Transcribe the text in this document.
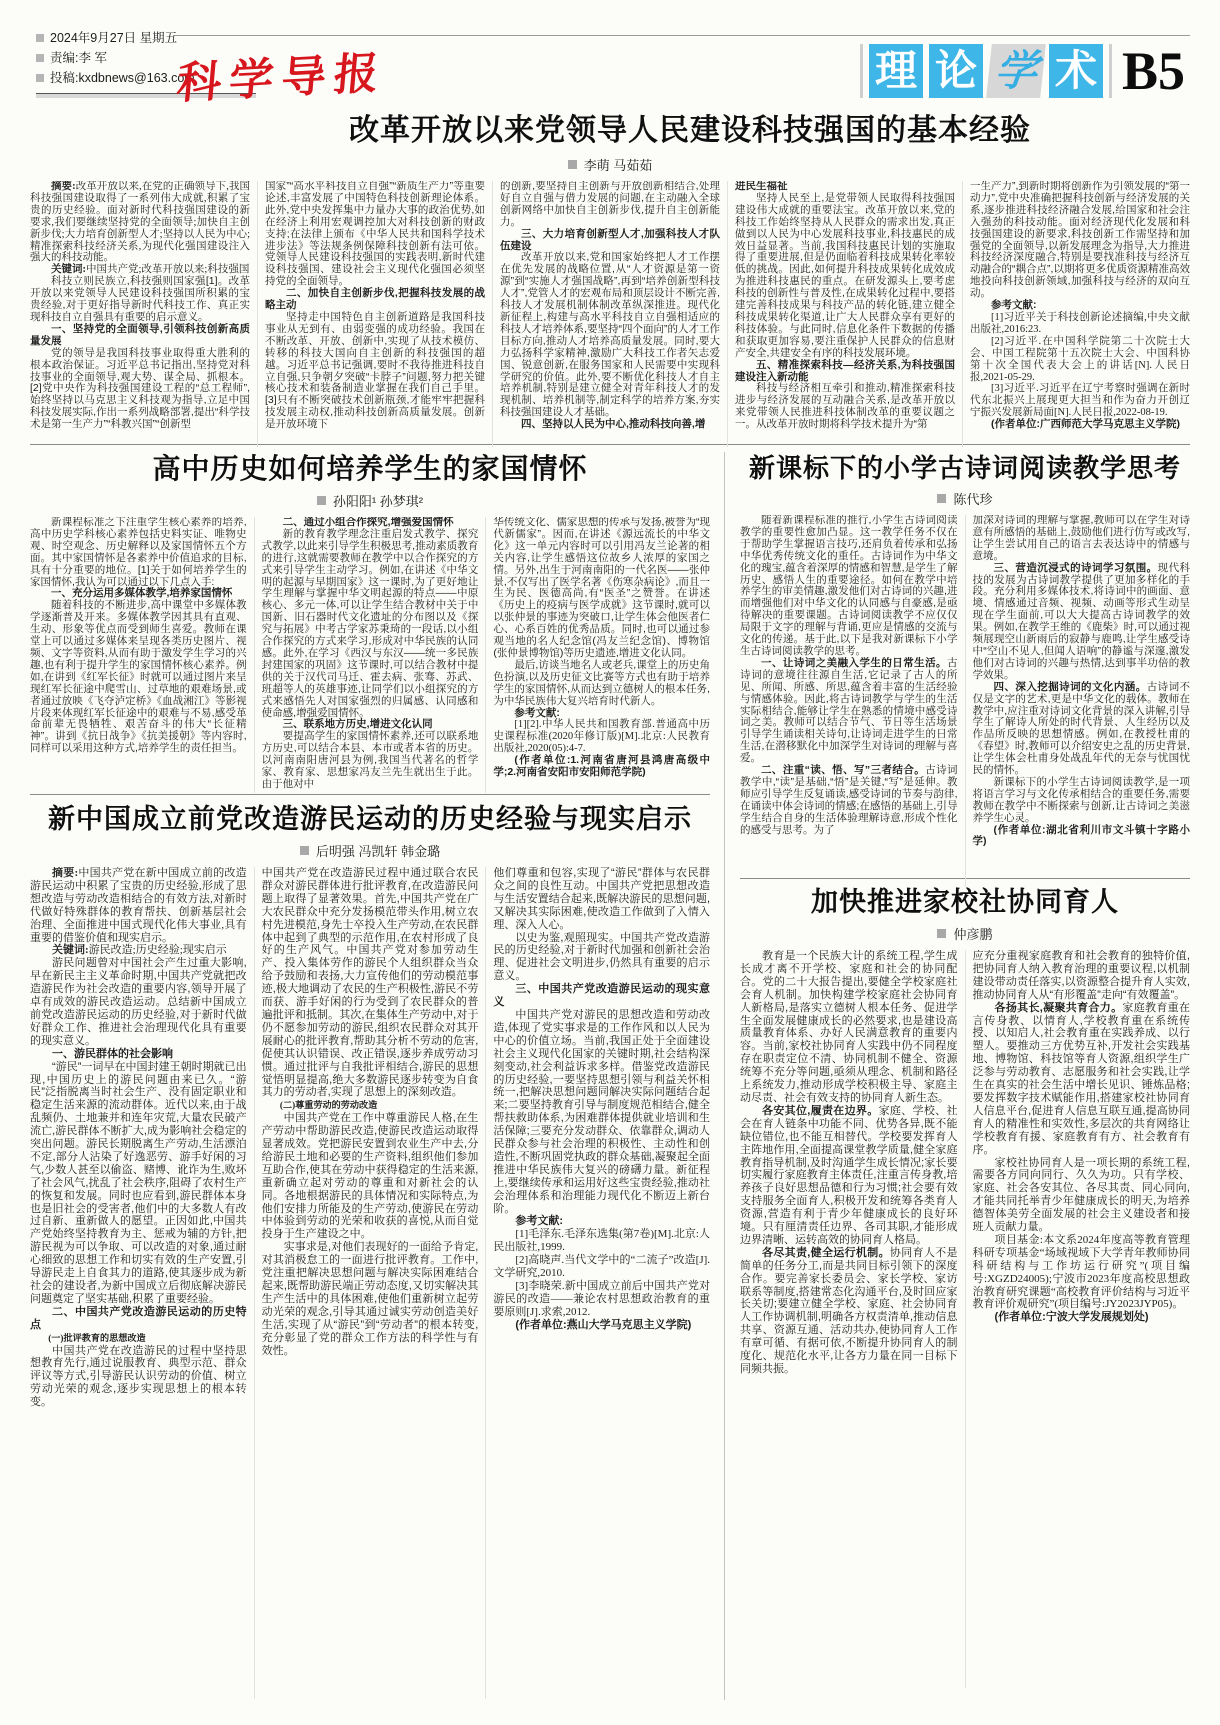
2024年9月27日 星期五
责编:李 军
投稿:kxdbnews@163.com
科学导报	理 论 学 术 B5
改革开放以来党领导人民建设科技强国的基本经验
李萌 马茹茹

摘要:改革开放以来,在党的正确领导下,我国科技强国建设取得了一系列伟大成就,积累了宝贵的历史经验。面对新时代科技强国建设的新要求,我们要继续坚持党的全面领导;加快自主创新步伐;大力培育创新型人才;坚持以人民为中心;精准探索科技经济关系,为现代化强国建设注入强大的科技动能。

关键词:中国共产党;改革开放以来;科技强国

科技立则民族立,科技强则国家强[1]。改革开放以来党领导人民建设科技强国所积累的宝贵经验,对于更好指导新时代科技工作、真正实现科技自立自强具有重要的启示意义。

一、坚持党的全面领导,引领科技创新高质量发展

党的领导是我国科技事业取得重大胜利的根本政治保证。习近平总书记指出,坚持党对科技事业的全面领导,观大势、谋全局、抓根本。[2]党中央作为科技强国建设工程的“总工程师”,始终坚持以马克思主义科技观为指导,立足中国科技发展实际,作出一系列战略部署,提出“科学技术是第一生产力”“科教兴国”“创新型

国家”“高水平科技自立自强”“新质生产力”等重要论述,丰富发展了中国特色科技创新理论体系。此外,党中央发挥集中力量办大事的政治优势,如在经济上利用宏观调控加大对科技创新的财政支持;在法律上颁布《中华人民共和国科学技术进步法》等法规条例保障科技创新有法可依。党领导人民建设科技强国的实践表明,新时代建设科技强国、建设社会主义现代化强国必须坚持党的全面领导。

二、加快自主创新步伐,把握科技发展的战略主动

坚持走中国特色自主创新道路是我国科技事业从无到有、由弱变强的成功经验。我国在不断改革、开放、创新中,实现了从技术模仿、转移的科技大国向自主创新的科技强国的超越。习近平总书记强调,要时不我待推进科技自立自强,只争朝夕突破“卡脖子”问题,努力把关键核心技术和装备制造业掌握在我们自己手里。[3]只有不断突破技术创新瓶颈,才能牢牢把握科技发展主动权,推动科技创新高质量发展。创新是开放环境下

的创新,要坚持自主创新与开放创新相结合,处理好自立自强与借力发展的问题,在主动融入全球创新网络中加快自主创新步伐,提升自主创新能力。

三、大力培育创新型人才,加强科技人才队伍建设

改革开放以来,党和国家始终把人才工作摆在优先发展的战略位置,从“人才资源是第一资源”到“实施人才强国战略”,再到“培养创新型科技人才”,党管人才的宏观布局和顶层设计不断完善,科技人才发展机制体制改革纵深推进。现代化新征程上,构建与高水平科技自立自强相适应的科技人才培养体系,要坚持“四个面向”的人才工作目标方向,推动人才培养高质量发展。同时,要大力弘扬科学家精神,激励广大科技工作者矢志爱国、锐意创新,在服务国家和人民需要中实现科学研究的价值。此外,要不断优化科技人才自主培养机制,特别是建立健全对青年科技人才的发现机制、培养机制等,制定科学的培养方案,夯实科技强国建设人才基础。

四、坚持以人民为中心,推动科技向善,增
进民生福祉

坚持人民至上,是党带领人民取得科技强国建设伟大成就的重要法宝。改革开放以来,党的科技工作始终坚持从人民群众的需求出发,真正做到以人民为中心发展科技事业,科技惠民的成效日益显著。当前,我国科技惠民计划的实施取得了重要进展,但是仍面临着科技成果转化率较低的挑战。因此,如何提升科技成果转化成效成为推进科技惠民的重点。在研发源头上,要考虑科技的创新性与普及性,在成果转化过程中,要搭建完善科技成果与科技产品的转化链,建立健全科技成果转化渠道,让广大人民群众享有更好的科技体验。与此同时,信息化条件下数据的传播和获取更加容易,要注重保护人民群众的信息财产安全,共建安全有序的科技发展环境。

五、精准探索科技—经济关系,为科技强国建设注入新动能

科技与经济相互牵引和推动,精准探索科技进步与经济发展的互动融合关系,是改革开放以来党带领人民推进科技体制改革的重要议题之一。从改革开放时期将科学技术提升为“第

一生产力”,到新时期将创新作为引领发展的“第一动力”,党中央准确把握科技创新与经济发展的关系,逐步推进科技经济融合发展,给国家和社会注入强劲的科技动能。面对经济现代化发展和科技强国建设的新要求,科技创新工作需坚持和加强党的全面领导,以新发展理念为指导,大力推进科技经济深度融合,特别是要找准科技与经济互动融合的“耦合点”,以期将更多优质资源精准高效地投向科技创新领域,加强科技与经济的双向互动。

参考文献:

[1]习近平关于科技创新论述摘编,中央文献出版社,2016:23.

[2]习近平.在中国科学院第二十次院士大会、中国工程院第十五次院士大会、中国科协第十次全国代表大会上的讲话[N].人民日报,2021-05-29.

[3]习近平.习近平在辽宁考察时强调在新时代东北振兴上展现更大担当和作为奋力开创辽宁振兴发展新局面[N].人民日报,2022-08-19.

(作者单位:广西师范大学马克思主义学院)

高中历史如何培养学生的家国情怀
孙阳阳¹ 孙梦琪²

新课程标准之下注重学生核心素养的培养,高中历史学科核心素养包括史料实证、唯物史观、时空观念、历史解释以及家国情怀五个方面。其中家国情怀是各素养中价值追求的目标,具有十分重要的地位。[1]关于如何培养学生的家国情怀,我认为可以通过以下几点入手:

一、充分运用多媒体教学,培养家国情怀

随着科技的不断进步,高中课堂中多媒体教学逐渐普及开来。多媒体教学因其具有直观、生动、形象等优点而受到师生喜爱。教师在课堂上可以通过多媒体来呈现各类历史图片、视频、文字等资料,从而有助于激发学生学习的兴趣,也有利于提升学生的家国情怀核心素养。例如,在讲到《红军长征》时就可以通过图片来呈现红军长征途中爬雪山、过草地的艰难场景,或者通过放映《飞夺泸定桥》《血战湘江》等影视片段来体现红军长征途中的艰难与不易,感受革命前辈无畏牺牲、艰苦奋斗的伟大“长征精神”。讲到《抗日战争》《抗美援朝》等内容时,同样可以采用这种方式,培养学生的责任担当。

二、通过小组合作探究,增强爱国情怀

新的教育教学理念注重启发式教学、探究式教学,以此来引导学生积极思考,推动素质教育的进行,这就需要教师在教学中以合作探究的方式来引导学生主动学习。例如,在讲述《中华文明的起源与早期国家》这一课时,为了更好地让学生理解与掌握中华文明起源的特点——中原核心、多元一体,可以让学生结合教材中关于中国新、旧石器时代文化遗址的分布图以及《探究与拓展》中考古学家苏秉琦的一段话,以小组合作探究的方式来学习,形成对中华民族的认同感。此外,在学习《西汉与东汉——统一多民族封建国家的巩固》这节课时,可以结合教材中提供的关于汉代司马迁、霍去病、张骞、苏武、班超等人的英雄事迹,让同学们以小组探究的方式来感悟先人对国家强烈的归属感、认同感和使命感,增强爱国情怀。

三、联系地方历史,增进文化认同

要提高学生的家国情怀素养,还可以联系地方历史,可以结合本县、本市或者本省的历史。以河南南阳唐河县为例,我国当代著名的哲学家、教育家、思想家冯友兰先生就出生于此。由于他对中

华传统文化、儒家思想的传承与发扬,被誉为“现代新儒家”。因而,在讲述《源远流长的中华文化》这一单元内容时可以引用冯友兰论著的相关内容,让学生感悟这位故乡人浓厚的家国之情。另外,出生于河南南阳的一代名医——张仲景,不仅写出了医学名著《伤寒杂病论》,而且一生为民、医德高尚,有“医圣”之赞誉。在讲述《历史上的疫病与医学成就》这节课时,就可以以张仲景的事迹为突破口,让学生体会他医者仁心、心系百姓的优秀品质。同时,也可以通过参观当地的名人纪念馆(冯友兰纪念馆)、博物馆(张仲景博物馆)等历史遗迹,增进文化认同。

最后,访谈当地名人或老兵,课堂上的历史角色扮演,以及历史征文比赛等方式也有助于培养学生的家国情怀,从而达到立德树人的根本任务,为中华民族伟大复兴培育时代新人。

参考文献:

[1][2].中华人民共和国教育部.普通高中历史课程标准(2020年修订版)[M].北京:人民教育出版社,2020(05):4-7.

(作者单位:1.河南省唐河县鸿唐高级中学;2.河南省安阳市安阳师范学院)

新中国成立前党改造游民运动的历史经验与现实启示
后明强 冯凯轩 韩金璐

摘要:中国共产党在新中国成立前的改造游民运动中积累了宝贵的历史经验,形成了思想改造与劳动改造相结合的有效方法,对新时代做好特殊群体的教育帮扶、创新基层社会治理、全面推进中国式现代化伟大事业,具有重要的借鉴价值和现实启示。

关键词:游民改造;历史经验;现实启示

游民问题曾对中国社会产生过重大影响,早在新民主主义革命时期,中国共产党就把改造游民作为社会改造的重要内容,领导开展了卓有成效的游民改造运动。总结新中国成立前党改造游民运动的历史经验,对于新时代做好群众工作、推进社会治理现代化具有重要的现实意义。

一、游民群体的社会影响

“游民”一词早在中国封建王朝时期就已出现,中国历史上的游民问题由来已久。“游民”泛指脱离当时社会生产、没有固定职业和稳定生活来源的流动群体。近代以来,由于战乱频仍、土地兼并和连年灾荒,大量农民破产流亡,游民群体不断扩大,成为影响社会稳定的突出问题。游民长期脱离生产劳动,生活漂泊不定,部分人沾染了好逸恶劳、游手好闲的习气,少数人甚至以偷盗、赌博、讹诈为生,败坏了社会风气,扰乱了社会秩序,阻碍了农村生产的恢复和发展。同时也应看到,游民群体本身也是旧社会的受害者,他们中的大多数人有改过自新、重新做人的愿望。正因如此,中国共产党始终坚持教育为主、惩戒为辅的方针,把游民视为可以争取、可以改造的对象,通过耐心细致的思想工作和切实有效的生产安置,引导游民走上自食其力的道路,使其逐步成为新社会的建设者,为新中国成立后彻底解决游民问题奠定了坚实基础,积累了重要经验。

二、中国共产党改造游民运动的历史特点
(一)批评教育的思想改造

中国共产党在改造游民的过程中坚持思想教育先行,通过说服教育、典型示范、群众评议等方式,引导游民认识劳动的价值、树立劳动光荣的观念,逐步实现思想上的根本转变。

中国共产党在改造游民过程中通过联合农民群众对游民群体进行批评教育,在改造游民问题上取得了显著效果。首先,中国共产党在广大农民群众中充分发扬模范带头作用,树立农村先进模范,身先士卒投入生产劳动,在农民群体中起到了典型的示范作用,在农村形成了良好的生产风气。中国共产党对参加劳动生产、投入集体劳作的游民个人组织群众当众给予鼓励和表扬,大力宣传他们的劳动模范事迹,极大地调动了农民的生产积极性,游民不劳而获、游手好闲的行为受到了农民群众的普遍批评和抵制。其次,在集体生产劳动中,对于仍不愿参加劳动的游民,组织农民群众对其开展耐心的批评教育,帮助其分析不劳动的危害,促使其认识错误、改正错误,逐步养成劳动习惯。通过批评与自我批评相结合,游民的思想觉悟明显提高,绝大多数游民逐步转变为自食其力的劳动者,实现了思想上的深刻改造。

(二)尊重劳动的劳动改造

中国共产党在工作中尊重游民人格,在生产劳动中帮助游民改造,使游民改造运动取得显著成效。党把游民安置到农业生产中去,分给游民土地和必要的生产资料,组织他们参加互助合作,使其在劳动中获得稳定的生活来源,重新确立起对劳动的尊重和对新社会的认同。各地根据游民的具体情况和实际特点,为他们安排力所能及的生产劳动,使游民在劳动中体验到劳动的光荣和收获的喜悦,从而自觉投身于生产建设之中。

实事求是,对他们表现好的一面给予肯定,对其消极怠工的一面进行批评教育。工作中,党注重把解决思想问题与解决实际困难结合起来,既帮助游民端正劳动态度,又切实解决其生产生活中的具体困难,使他们重新树立起劳动光荣的观念,引导其通过诚实劳动创造美好生活,实现了从“游民”到“劳动者”的根本转变,充分彰显了党的群众工作方法的科学性与有效性。

他们尊重和包容,实现了“游民”群体与农民群众之间的良性互动。中国共产党把思想改造与生活安置结合起来,既解决游民的思想问题,又解决其实际困难,使改造工作做到了入情入理、深入人心。

以史为鉴,观照现实。中国共产党改造游民的历史经验,对于新时代加强和创新社会治理、促进社会文明进步,仍然具有重要的启示意义。

三、中国共产党改造游民运动的现实意义

中国共产党对游民的思想改造和劳动改造,体现了党实事求是的工作作风和以人民为中心的价值立场。当前,我国正处于全面建设社会主义现代化国家的关键时期,社会结构深刻变动,社会利益诉求多样。借鉴党改造游民的历史经验,一要坚持思想引领与利益关怀相统一,把解决思想问题同解决实际问题结合起来;二要坚持教育引导与制度规范相结合,健全帮扶救助体系,为困难群体提供就业培训和生活保障;三要充分发动群众、依靠群众,调动人民群众参与社会治理的积极性、主动性和创造性,不断巩固党执政的群众基础,凝聚起全面推进中华民族伟大复兴的磅礴力量。新征程上,要继续传承和运用好这些宝贵经验,推动社会治理体系和治理能力现代化不断迈上新台阶。

参考文献:

[1]毛泽东.毛泽东选集(第7卷)[M].北京:人民出版社,1999.

[2]高晓声.当代文学中的“二流子”改造[J].文学研究,2010.

[3]李晓荣.新中国成立前后中国共产党对游民的改造——兼论农村思想政治教育的重要原则[J].求索,2012.

(作者单位:燕山大学马克思主义学院)

新课标下的小学古诗词阅读教学思考
陈代珍

随着新课程标准的推行,小学生古诗词阅读教学的重要性愈加凸显。这一教学任务不仅在于帮助学生掌握语言技巧,还肩负着传承和弘扬中华优秀传统文化的重任。古诗词作为中华文化的瑰宝,蕴含着深厚的情感和智慧,是学生了解历史、感悟人生的重要途径。如何在教学中培养学生的审美情趣,激发他们对古诗词的兴趣,进而增强他们对中华文化的认同感与自豪感,是亟待解决的重要课题。古诗词阅读教学不应仅仅局限于文字的理解与背诵,更应是情感的交流与文化的传递。基于此,以下是我对新课标下小学生古诗词阅读教学的思考。

一、让诗词之美融入学生的日常生活。古诗词的意境往往源自生活,它记录了古人的所见、所闻、所感、所思,蕴含着丰富的生活经验与情感体验。因此,将古诗词教学与学生的生活实际相结合,能够让学生在熟悉的情境中感受诗词之美。教师可以结合节气、节日等生活场景引导学生诵读相关诗句,让诗词走进学生的日常生活,在潜移默化中加深学生对诗词的理解与喜爱。

二、注重“读、悟、写”三者结合。古诗词教学中,“读”是基础,“悟”是关键,“写”是延伸。教师应引导学生反复诵读,感受诗词的节奏与韵律,在诵读中体会诗词的情感;在感悟的基础上,引导学生结合自身的生活体验理解诗意,形成个性化的感受与思考。为了

加深对诗词的理解与掌握,教师可以在学生对诗意有所感悟的基础上,鼓励他们进行仿写或改写,让学生尝试用自己的语言去表达诗中的情感与意境。

三、营造沉浸式的诗词学习氛围。现代科技的发展为古诗词教学提供了更加多样化的手段。充分利用多媒体技术,将诗词中的画面、意境、情感通过音频、视频、动画等形式生动呈现在学生面前,可以大大提高古诗词教学的效果。例如,在教学王维的《鹿柴》时,可以通过视频展现空山新雨后的寂静与鹿鸣,让学生感受诗中“空山不见人,但闻人语响”的静谧与深邃,激发他们对古诗词的兴趣与热情,达到事半功倍的教学效果。

四、深入挖掘诗词的文化内涵。古诗词不仅是文字的艺术,更是中华文化的载体。教师在教学中,应注重对诗词文化背景的深入讲解,引导学生了解诗人所处的时代背景、人生经历以及作品所反映的思想情感。例如,在教授杜甫的《春望》时,教师可以介绍安史之乱的历史背景,让学生体会杜甫身处战乱年代的无奈与忧国忧民的情怀。

新课标下的小学生古诗词阅读教学,是一项将语言学习与文化传承相结合的重要任务,需要教师在教学中不断探索与创新,让古诗词之美滋养学生心灵。

(作者单位:湖北省利川市文斗镇十字路小学)

加快推进家校社协同育人
仲彦鹏

教育是一个民族大计的系统工程,学生成长成才离不开学校、家庭和社会的协同配合。党的二十大报告提出,要健全学校家庭社会育人机制。加快构建学校家庭社会协同育人新格局,是落实立德树人根本任务、促进学生全面发展健康成长的必然要求,也是建设高质量教育体系、办好人民满意教育的重要内容。当前,家校社协同育人实践中仍不同程度存在职责定位不清、协同机制不健全、资源统筹不充分等问题,亟须从理念、机制和路径上系统发力,推动形成学校积极主导、家庭主动尽责、社会有效支持的协同育人新生态。

各安其位,履责在边界。家庭、学校、社会在育人链条中功能不同、优势各异,既不能缺位错位,也不能互相替代。学校要发挥育人主阵地作用,全面提高课堂教学质量,健全家庭教育指导机制,及时沟通学生成长情况;家长要切实履行家庭教育主体责任,注重言传身教,培养孩子良好思想品德和行为习惯;社会要有效支持服务全面育人,积极开发和统筹各类育人资源,营造有利于青少年健康成长的良好环境。只有厘清责任边界、各司其职,才能形成边界清晰、运转高效的协同育人格局。

各尽其责,健全运行机制。协同育人不是简单的任务分工,而是共同目标引领下的深度合作。要完善家长委员会、家长学校、家访联系等制度,搭建常态化沟通平台,及时回应家长关切;要建立健全学校、家庭、社会协同育人工作协调机制,明确各方权责清单,推动信息共享、资源互通、活动共办,使协同育人工作有章可循、有据可依,不断提升协同育人的制度化、规范化水平,让各方力量在同一目标下同频共振。

应充分重视家庭教育和社会教育的独特价值,把协同育人纳入教育治理的重要议程,以机制建设带动责任落实,以资源整合提升育人实效,推动协同育人从“有形覆盖”走向“有效覆盖”。

各扬其长,凝聚共育合力。家庭教育重在言传身教、以情育人,学校教育重在系统传授、以知启人,社会教育重在实践养成、以行塑人。要推动三方优势互补,开发社会实践基地、博物馆、科技馆等育人资源,组织学生广泛参与劳动教育、志愿服务和社会实践,让学生在真实的社会生活中增长见识、锤炼品格;要发挥数字技术赋能作用,搭建家校社协同育人信息平台,促进育人信息互联互通,提高协同育人的精准性和实效性,多层次的共育网络让学校教育有援、家庭教育有方、社会教育有序。

家校社协同育人是一项长期的系统工程,需要各方同向同行、久久为功。只有学校、家庭、社会各安其位、各尽其责、同心同向,才能共同托举青少年健康成长的明天,为培养德智体美劳全面发展的社会主义建设者和接班人贡献力量。

项目基金:本文系2024年度高等教育管理科研专项基金“场域视域下大学青年教师协同科研结构与工作坊运行研究”(项目编号:XGZD24005);宁波市2023年度高校思想政治教育研究课题“高校教育评价结构与习近平教育评价观研究”(项目编号:JY2023JYP05)。

(作者单位:宁波大学发展规划处)
